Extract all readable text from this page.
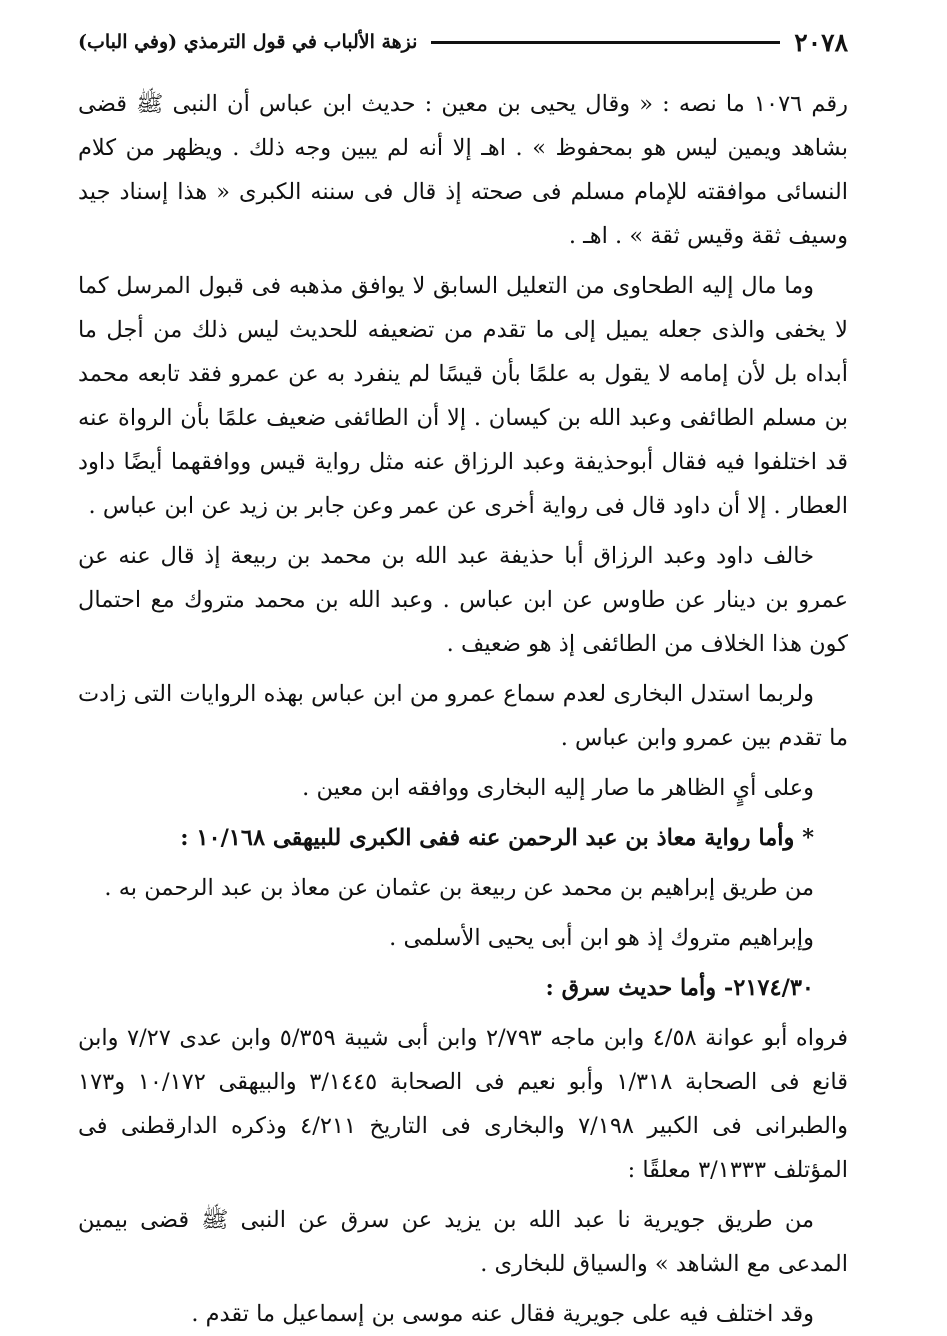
٢٠٧٨
نزهة الألباب في قول الترمذي (وفي الباب)

رقم ١٠٧٦ ما نصه : « وقال يحيى بن معين : حديث ابن عباس أن النبى ﷺ قضى بشاهد ويمين ليس هو بمحفوظ » . اهـ إلا أنه لم يبين وجه ذلك . ويظهر من كلام النسائى موافقته للإمام مسلم فى صحته إذ قال فى سننه الكبرى « هذا إسناد جيد وسيف ثقة وقيس ثقة » . اهـ .

وما مال إليه الطحاوى من التعليل السابق لا يوافق مذهبه فى قبول المرسل كما لا يخفى والذى جعله يميل إلى ما تقدم من تضعيفه للحديث ليس ذلك من أجل ما أبداه بل لأن إمامه لا يقول به علمًا بأن قيسًا لم ينفرد به عن عمرو فقد تابعه محمد بن مسلم الطائفى وعبد الله بن كيسان . إلا أن الطائفى ضعيف علمًا بأن الرواة عنه قد اختلفوا فيه فقال أبوحذيفة وعبد الرزاق عنه مثل رواية قيس ووافقهما أيضًا داود العطار . إلا أن داود قال فى رواية أخرى عن عمر وعن جابر بن زيد عن ابن عباس .

خالف داود وعبد الرزاق أبا حذيفة عبد الله بن محمد بن ربيعة إذ قال عنه عن عمرو بن دينار عن طاوس عن ابن عباس . وعبد الله بن محمد متروك مع احتمال كون هذا الخلاف من الطائفى إذ هو ضعيف .

ولربما استدل البخارى لعدم سماع عمرو من ابن عباس بهذه الروايات التى زادت ما تقدم بين عمرو وابن عباس .

وعلى أيٍ الظاهر ما صار إليه البخارى ووافقه ابن معين .

* وأما رواية معاذ بن عبد الرحمن عنه ففى الكبرى للبيهقى ١٠/١٦٨ :

من طريق إبراهيم بن محمد عن ربيعة بن عثمان عن معاذ بن عبد الرحمن به .

وإبراهيم متروك إذ هو ابن أبى يحيى الأسلمى .

٢١٧٤/٣٠- وأما حديث سرق :

فرواه أبو عوانة ٤/٥٨ وابن ماجه ٢/٧٩٣ وابن أبى شيبة ٥/٣٥٩ وابن عدى ٧/٢٧ وابن قانع فى الصحابة ١/٣١٨ وأبو نعيم فى الصحابة ٣/١٤٤٥ والبيهقى ١٠/١٧٢ و١٧٣ والطبرانى فى الكبير ٧/١٩٨ والبخارى فى التاريخ ٤/٢١١ وذكره الدارقطنى فى المؤتلف ٣/١٣٣٣ معلقًا :

من طريق جويرية نا عبد الله بن يزيد عن سرق عن النبى ﷺ قضى بيمين المدعى مع الشاهد » والسياق للبخارى .

وقد اختلف فيه على جويرية فقال عنه موسى بن إسماعيل ما تقدم .
